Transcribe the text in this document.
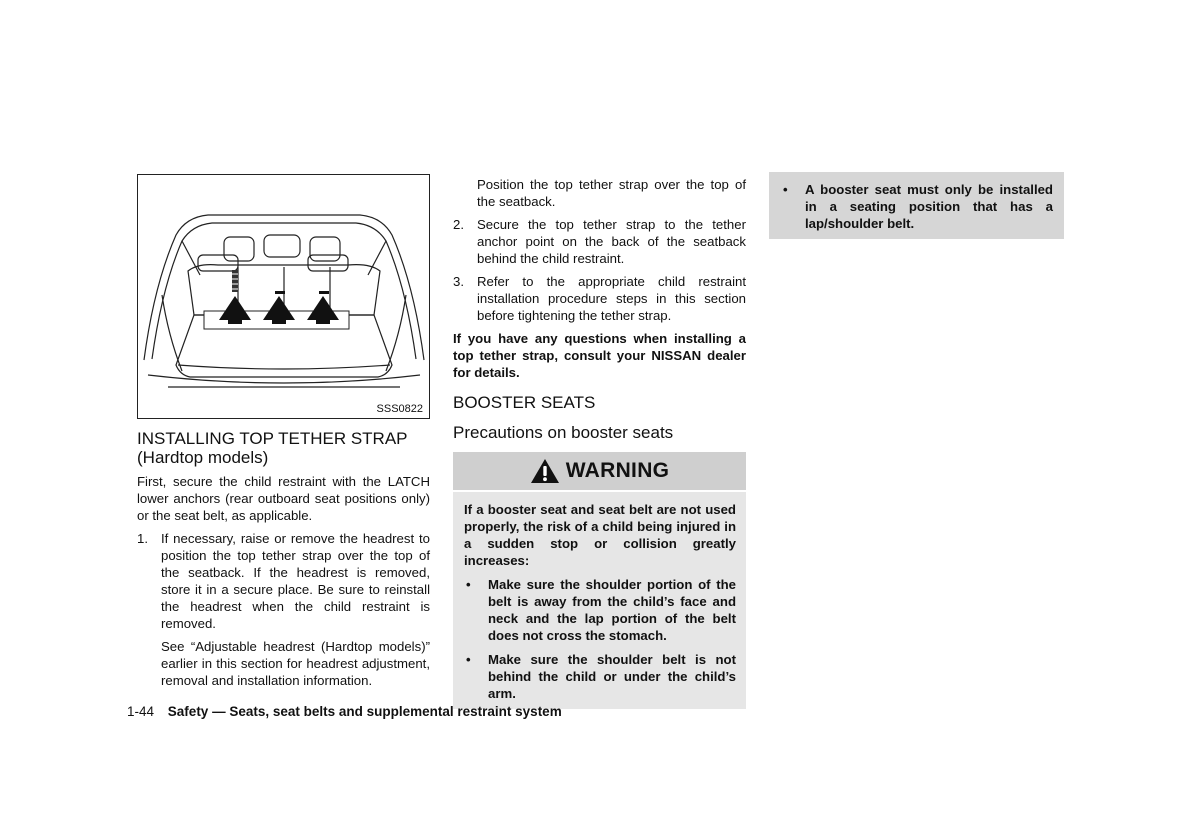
SSS0822
INSTALLING TOP TETHER STRAP
(Hardtop models)

First, secure the child restraint with the LATCH lower anchors (rear outboard seat positions only) or the seat belt, as applicable.

1. If necessary, raise or remove the headrest to position the top tether strap over the top of the seatback. If the headrest is removed, store it in a secure place. Be sure to reinstall the headrest when the child restraint is removed.
See “Adjustable headrest (Hardtop models)” earlier in this section for headrest adjustment, removal and installation information.
Position the top tether strap over the top of the seatback.
2. Secure the top tether strap to the tether anchor point on the back of the seatback behind the child restraint.
3. Refer to the appropriate child restraint installation procedure steps in this section before tightening the tether strap.
If you have any questions when installing a top tether strap, consult your NISSAN dealer for details.
BOOSTER SEATS
Precautions on booster seats
WARNING
If a booster seat and seat belt are not used properly, the risk of a child being injured in a sudden stop or collision greatly increases:
• Make sure the shoulder portion of the belt is away from the child’s face and neck and the lap portion of the belt does not cross the stomach.
• Make sure the shoulder belt is not behind the child or under the child’s arm.
• A booster seat must only be installed in a seating position that has a lap/shoulder belt.
1-44 Safety — Seats, seat belts and supplemental restraint system
